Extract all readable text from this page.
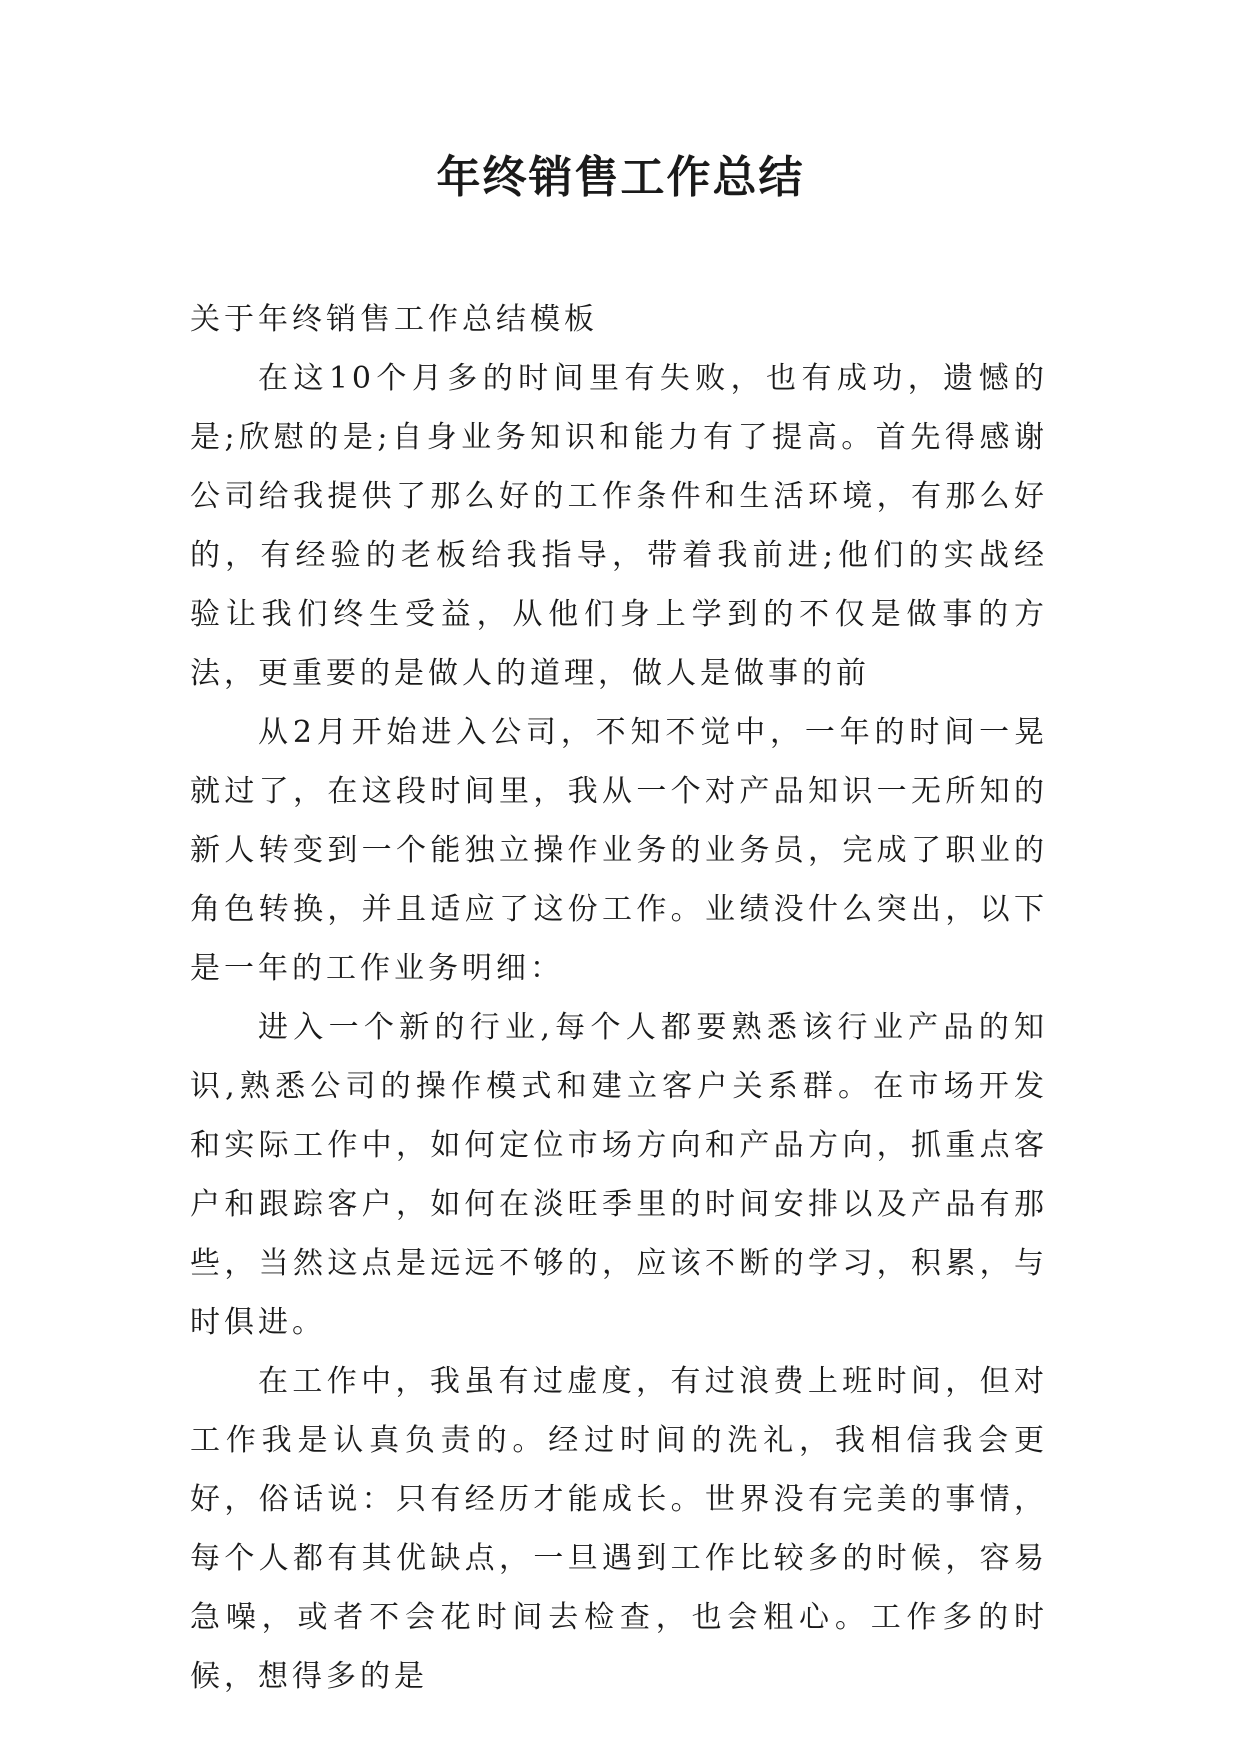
年终销售工作总结

关于年终销售工作总结模板

在这10个月多的时间里有失败，也有成功，遗憾的是;欣慰的是;自身业务知识和能力有了提高。首先得感谢公司给我提供了那么好的工作条件和生活环境，有那么好的，有经验的老板给我指导，带着我前进;他们的实战经验让我们终生受益，从他们身上学到的不仅是做事的方法，更重要的是做人的道理，做人是做事的前

从2月开始进入公司，不知不觉中，一年的时间一晃就过了，在这段时间里，我从一个对产品知识一无所知的新人转变到一个能独立操作业务的业务员，完成了职业的角色转换，并且适应了这份工作。业绩没什么突出，以下是一年的工作业务明细：

进入一个新的行业,每个人都要熟悉该行业产品的知识,熟悉公司的操作模式和建立客户关系群。在市场开发和实际工作中，如何定位市场方向和产品方向，抓重点客户和跟踪客户，如何在淡旺季里的时间安排以及产品有那些，当然这点是远远不够的，应该不断的学习，积累，与时俱进。

在工作中，我虽有过虚度，有过浪费上班时间，但对工作我是认真负责的。经过时间的洗礼，我相信我会更好，俗话说：只有经历才能成长。世界没有完美的事情，每个人都有其优缺点，一旦遇到工作比较多的时候，容易急噪，或者不会花时间去检查，也会粗心。工作多的时候，想得多的是
